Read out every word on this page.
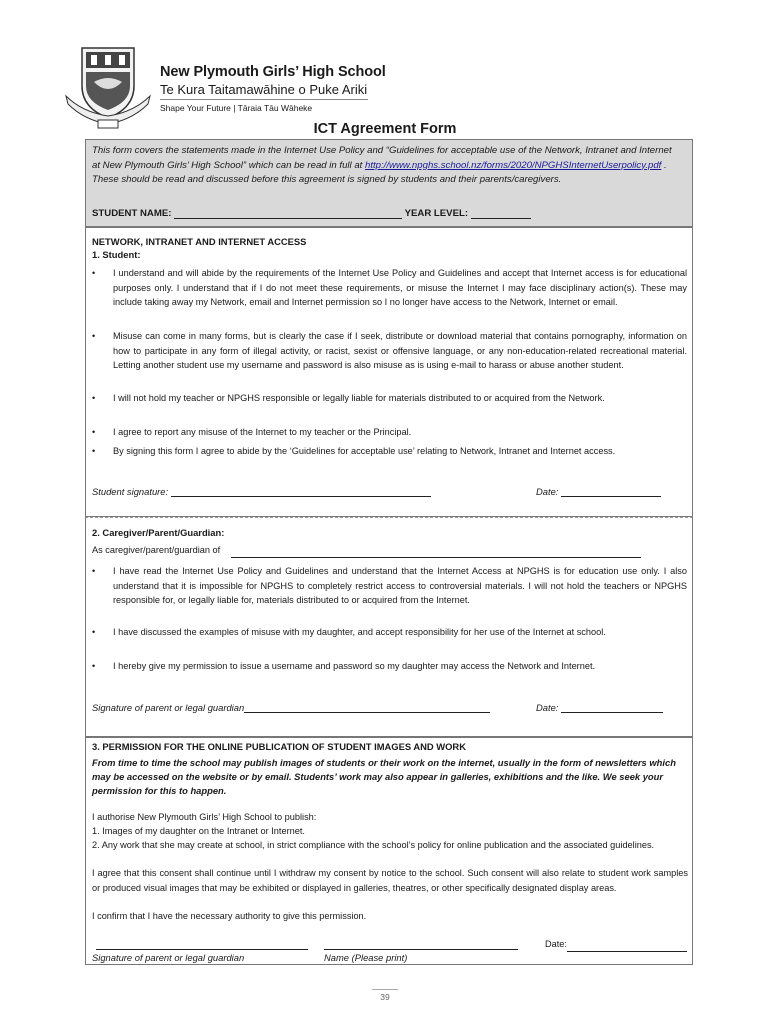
New Plymouth Girls’ High School
Te Kura Taitamawāhine o Puke Ariki
Shape Your Future | Tāraia Tāu Wāheke
ICT Agreement Form
This form covers the statements made in the Internet Use Policy and “Guidelines for acceptable use of the Network, Intranet and Internet at New Plymouth Girls’ High School” which can be read in full at http://www.npghs.school.nz/forms/2020/NPGHSInternetUserpolicy.pdf . These should be read and discussed before this agreement is signed by students and their parents/caregivers.
STUDENT NAME:	YEAR LEVEL:
NETWORK, INTRANET AND INTERNET ACCESS
1. Student:
• I understand and will abide by the requirements of the Internet Use Policy and Guidelines and accept that Internet access is for educational purposes only. I understand that if I do not meet these requirements, or misuse the Internet I may face disciplinary action(s). These may include taking away my Network, email and Internet permission so I no longer have access to the Network, Internet or email.
• Misuse can come in many forms, but is clearly the case if I seek, distribute or download material that contains pornography, information on how to participate in any form of illegal activity, or racist, sexist or offensive language, or any non-education-related recreational material. Letting another student use my username and password is also misuse as is using e-mail to harass or abuse another student.
• I will not hold my teacher or NPGHS responsible or legally liable for materials distributed to or acquired from the Network.
• I agree to report any misuse of the Internet to my teacher or the Principal.
• By signing this form I agree to abide by the ‘Guidelines for acceptable use’ relating to Network, Intranet and Internet access.
Student signature:	Date:
2. Caregiver/Parent/Guardian:
As caregiver/parent/guardian of
• I have read the Internet Use Policy and Guidelines and understand that the Internet Access at NPGHS is for education use only. I also understand that it is impossible for NPGHS to completely restrict access to controversial materials. I will not hold the teachers or NPGHS responsible for, or legally liable for, materials distributed to or acquired from the Internet.
• I have discussed the examples of misuse with my daughter, and accept responsibility for her use of the Internet at school.
• I hereby give my permission to issue a username and password so my daughter may access the Network and Internet.
Signature of parent or legal guardian	Date:
3. PERMISSION FOR THE ONLINE PUBLICATION OF STUDENT IMAGES AND WORK
From time to time the school may publish images of students or their work on the internet, usually in the form of newsletters which may be accessed on the website or by email. Students’ work may also appear in galleries, exhibitions and the like. We seek your permission for this to happen.
I authorise New Plymouth Girls’ High School to publish:
1. Images of my daughter on the Intranet or Internet.
2. Any work that she may create at school, in strict compliance with the school’s policy for online publication and the associated guidelines.
I agree that this consent shall continue until I withdraw my consent by notice to the school. Such consent will also relate to student work samples or produced visual images that may be exhibited or displayed in galleries, theatres, or other specifically designated display areas.
I confirm that I have the necessary authority to give this permission.
Date:
Signature of parent or legal guardian	Name (Please print)
39
